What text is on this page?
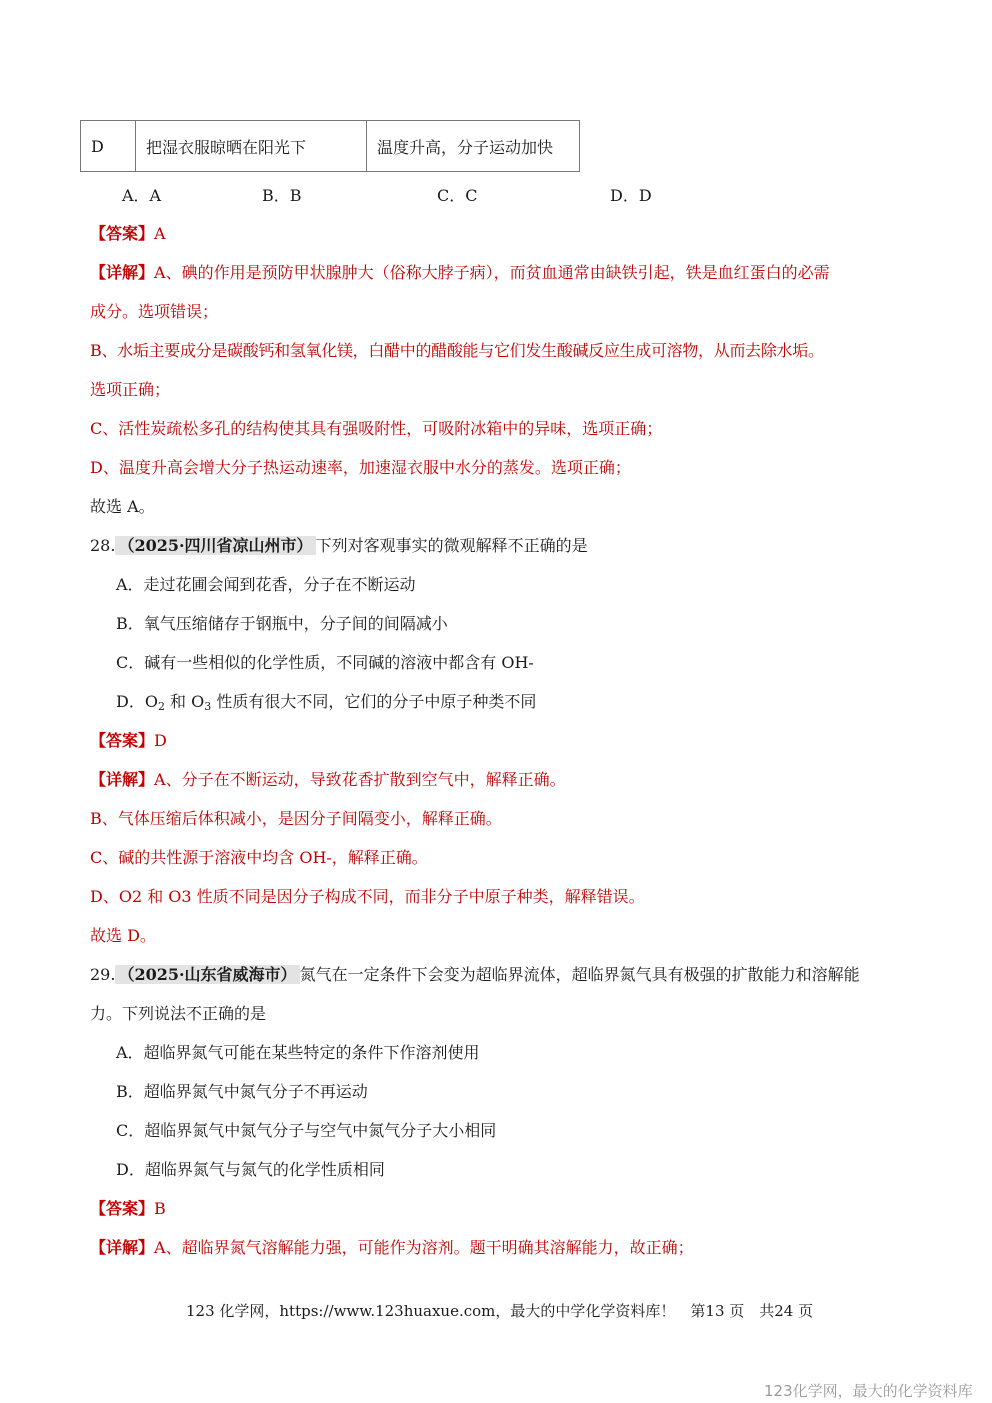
D	把湿衣服晾晒在阳光下	温度升高，分子运动加快
A．A	B．B	C．C	D．D
【答案】A
【详解】A、碘的作用是预防甲状腺肿大（俗称大脖子病），而贫血通常由缺铁引起，铁是血红蛋白的必需
成分。选项错误；
B、水垢主要成分是碳酸钙和氢氧化镁，白醋中的醋酸能与它们发生酸碱反应生成可溶物，从而去除水垢。
选项正确；
C、活性炭疏松多孔的结构使其具有强吸附性，可吸附冰箱中的异味，选项正确；
D、温度升高会增大分子热运动速率，加速湿衣服中水分的蒸发。选项正确；
故选 A。
28. （2025·四川省凉山州市） 下列对客观事实的微观解释不正确的是
A．走过花圃会闻到花香，分子在不断运动
B．氧气压缩储存于钢瓶中，分子间的间隔减小
C．碱有一些相似的化学性质，不同碱的溶液中都含有 OH-
D．$O_2$ 和 $O_3$ 性质有很大不同，它们的分子中原子种类不同
【答案】D
【详解】A、分子在不断运动，导致花香扩散到空气中，解释正确。
B、气体压缩后体积减小，是因分子间隔变小，解释正确。
C、碱的共性源于溶液中均含 OH-，解释正确。
D、O2 和 O3 性质不同是因分子构成不同，而非分子中原子种类，解释错误。
故选 D。
29. （2025·山东省威海市） 氮气在一定条件下会变为超临界流体，超临界氮气具有极强的扩散能力和溶解能
力。下列说法不正确的是
A．超临界氮气可能在某些特定的条件下作溶剂使用
B．超临界氮气中氮气分子不再运动
C．超临界氮气中氮气分子与空气中氮气分子大小相同
D．超临界氮气与氮气的化学性质相同
【答案】B
【详解】A、超临界氮气溶解能力强，可能作为溶剂。题干明确其溶解能力，故正确；
123 化学网，https://www.123huaxue.com，最大的中学化学资料库！　第13 页　共24 页
123化学网，最大的化学资料库
